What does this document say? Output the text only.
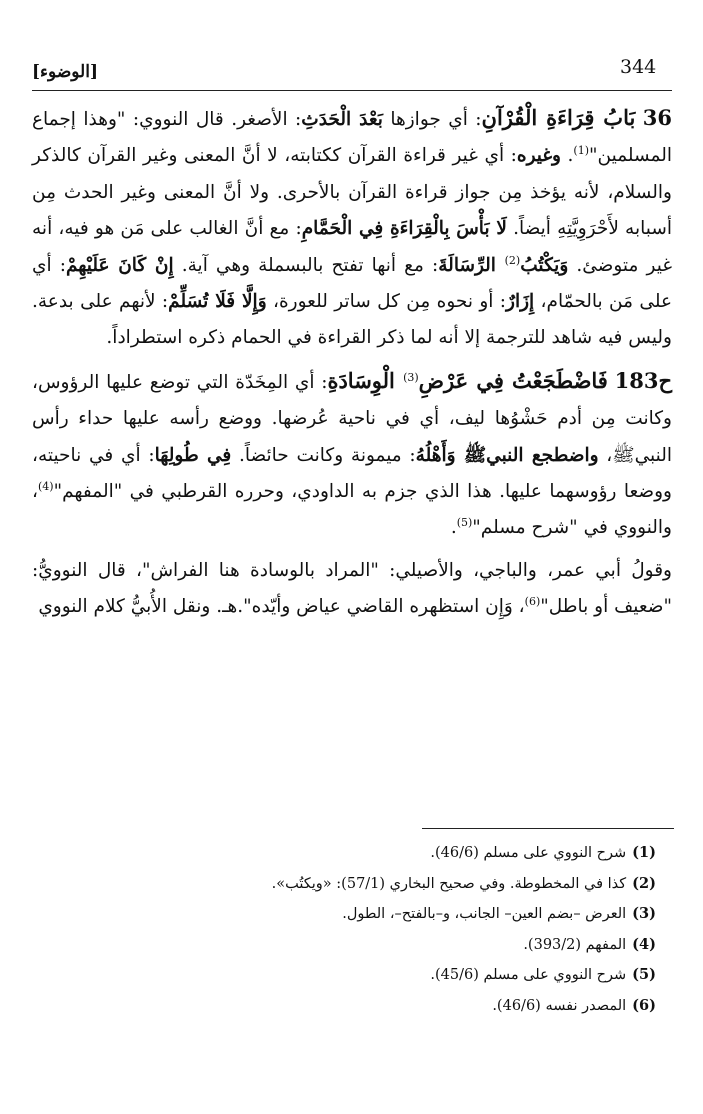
344
[الوضوء]

36 بَابُ قِرَاءَةِ الْقُرْآنِ: أي جوازها بَعْدَ الْحَدَثِ: الأصغر. قال النووي: "وهذا إجماع المسلمين"$^{(1)}$. وغيره: أي غير قراءة القرآن ككتابته، لا أنَّ المعنى وغير القرآن كالذكر والسلام، لأنه يؤخذ مِن جواز قراءة القرآن بالأحرى. ولا أنَّ المعنى وغير الحدث مِن أسبابه لأَحْرَوِيَّتِهِ أيضاً. لَا بَأْسَ بِالْقِرَاءَةِ فِي الْحَمَّامِ: مع أنَّ الغالب على مَن هو فيه، أنه غير متوضئ. وَيَكْتُبُ$^{(2)}$ الرِّسَالَةَ: مع أنها تفتح بالبسملة وهي آية. إِنْ كَانَ عَلَيْهِمْ: أي على مَن بالحمّام، إِزَارٌ: أو نحوه مِن كل ساتر للعورة، وَإِلَّا فَلَا تُسَلِّمْ: لأنهم على بدعة. وليس فيه شاهد للترجمة إلا أنه لما ذكر القراءة في الحمام ذكره استطراداً.

ح183 فَاضْطَجَعْتُ فِي عَرْضِ$^{(3)}$ الْوِسَادَةِ: أي المِخَدّة التي توضع عليها الرؤوس، وكانت مِن أدم حَشْوُها ليف، أي في ناحية عُرضها. ووضع رأسه عليها حداء رأس النبيﷺ، واضطجع النبيﷺ وَأَهْلُهُ: ميمونة وكانت حائضاً. فِي طُولِهَا: أي في ناحيته، ووضعا رؤوسهما عليها. هذا الذي جزم به الداودي، وحرره القرطبي في "المفهم"$^{(4)}$، والنووي في "شرح مسلم"$^{(5)}$.

وقولُ أبي عمر، والباجي، والأصيلي: "المراد بالوسادة هنا الفراش"، قال النوويُّ: "ضعيف أو باطل"$^{(6)}$، وَإِن استظهره القاضي عياض وأيّده".هـ. ونقل الأُبيُّ كلام النووي

(1)شرح النووي على مسلم (46/6).
(2)كذا في المخطوطة. وفي صحيح البخاري (57/1): «ويكتُب».
(3)العرض –بضم العين– الجانب، و–بالفتح–، الطول.
(4)المفهم (393/2).
(5)شرح النووي على مسلم (45/6).
(6)المصدر نفسه (46/6).
